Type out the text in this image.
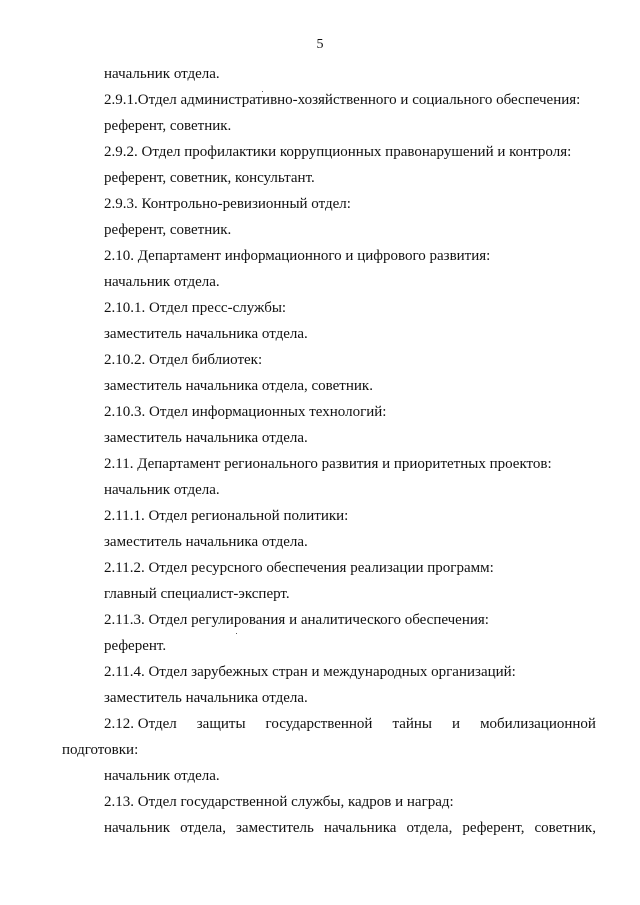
5
начальник отдела.
2.9.1.Отдел административно-хозяйственного и социального обеспечения:
референт, советник.
2.9.2. Отдел профилактики коррупционных правонарушений и контроля:
референт, советник, консультант.
2.9.3. Контрольно-ревизионный отдел:
референт, советник.
2.10. Департамент информационного и цифрового развития:
начальник отдела.
2.10.1. Отдел пресс-службы:
заместитель начальника отдела.
2.10.2. Отдел библиотек:
заместитель начальника отдела, советник.
2.10.3. Отдел информационных технологий:
заместитель начальника отдела.
2.11. Департамент регионального развития и приоритетных проектов:
начальник отдела.
2.11.1. Отдел региональной политики:
заместитель начальника отдела.
2.11.2. Отдел ресурсного обеспечения реализации программ:
главный специалист-эксперт.
2.11.3. Отдел регулирования и аналитического обеспечения:
референт.
2.11.4. Отдел зарубежных стран и международных организаций:
заместитель начальника отдела.
2.12. Отдел защиты государственной тайны и мобилизационной
подготовки:
начальник отдела.
2.13. Отдел государственной службы, кадров и наград:
начальник отдела, заместитель начальника отдела, референт, советник,
